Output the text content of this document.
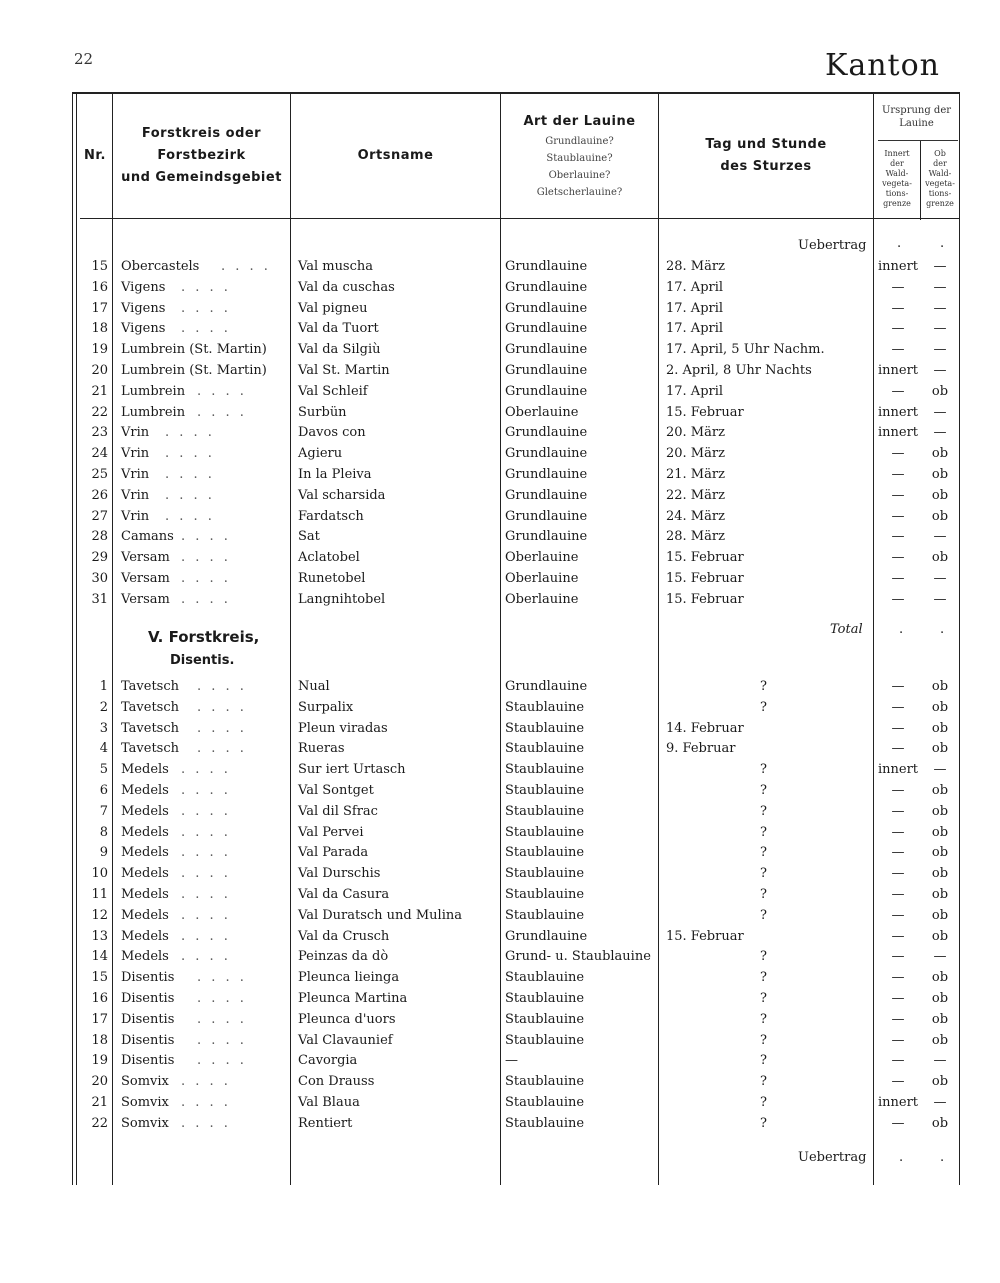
22	Kanton
Nr.
Forstkreis oder
Forstbezirk
und Gemeindsgebiet
Ortsname
Art der Lauine
Grundlauine?
Staublauine?
Oberlauine?
Gletscherlauine?
Tag und Stunde
des Sturzes
Ursprung der
Lauine
Innert
der
Wald-
vegeta-
tions-
grenze
Ob
der
Wald-
vegeta-
tions-
grenze
Uebertrag .	.
15 Obercastels	Val muscha	Grundlauine	28. März	innert	—
. . . .
16 Vigens	Val da cuschas	Grundlauine	17. April	—	—
. . . .
17 Vigens	Val pigneu	Grundlauine	17. April	—	—
. . . .
18 Vigens	Val da Tuort	Grundlauine	17. April	—	—
. . . .
19 Lumbrein (St. Martin)	Val da Silgiù	Grundlauine	17. April, 5 Uhr Nachm.	—	—
20 Lumbrein (St. Martin)	Val St. Martin	Grundlauine	2. April, 8 Uhr Nachts	innert	—
21 Lumbrein	Val Schleif	Grundlauine	17. April	—	ob
. . . .
22 Lumbrein	Surbün	Oberlauine	15. Februar	innert	—
. . . .
23 Vrin	Davos con	Grundlauine	20. März	innert	—
. . . .
24 Vrin	Agieru	Grundlauine	20. März	—	ob
. . . .
25 Vrin	In la Pleiva	Grundlauine	21. März	—	ob
. . . .
26 Vrin	Val scharsida	Grundlauine	22. März	—	ob
. . . .
27 Vrin	Fardatsch	Grundlauine	24. März	—	ob
. . . .
28 Camans	Sat	Grundlauine	28. März	—	—
. . . .
29 Versam	Aclatobel	Oberlauine	15. Februar	—	ob
. . . .
30 Versam	Runetobel	Oberlauine	15. Februar	—	—
. . . .
31 Versam	Langnihtobel	Oberlauine	15. Februar	—	—
. . . .
Total	.	.
V. Forstkreis,
Disentis.
1 Tavetsch	Nual	Grundlauine	?	—	ob
. . . .
2 Tavetsch	Surpalix	Staublauine	?	—	ob
. . . .
3 Tavetsch	Pleun viradas	Staublauine	14. Februar	—	ob
. . . .
4 Tavetsch	Rueras	Staublauine	9. Februar	—	ob
. . . .
5 Medels	Sur iert Urtasch	Staublauine	?	innert	—
. . . .
6 Medels	Val Sontget	Staublauine	?	—	ob
. . . .
7 Medels	Val dil Sfrac	Staublauine	?	—	ob
. . . .
8 Medels	Val Pervei	Staublauine	?	—	ob
. . . .
9 Medels	Val Parada	Staublauine	?	—	ob
. . . .
10 Medels	Val Durschis	Staublauine	?	—	ob
. . . .
11 Medels	Val da Casura	Staublauine	?	—	ob
. . . .
12 Medels	Val Duratsch und Mulina	Staublauine	?	—	ob
. . . .
13 Medels	Val da Crusch	Grundlauine	15. Februar	—	ob
. . . .
14 Medels	Peinzas da dò	Grund- u. Staublauine	?	—	—
. . . .
15 Disentis	Pleunca lieinga	Staublauine	?	—	ob
. . . .
16 Disentis	Pleunca Martina	Staublauine	?	—	ob
. . . .
17 Disentis	Pleunca d'uors	Staublauine	?	—	ob
. . . .
18 Disentis	Val Clavaunief	Staublauine	?	—	ob
. . . .
19 Disentis	Cavorgia	—	?	—	—
. . . .
20 Somvix	Con Drauss	Staublauine	?	—	ob
. . . .
21 Somvix	Val Blaua	Staublauine	?	innert	—
. . . .
22 Somvix	Rentiert	Staublauine	?	—	ob
. . . .
Uebertrag	.	.
